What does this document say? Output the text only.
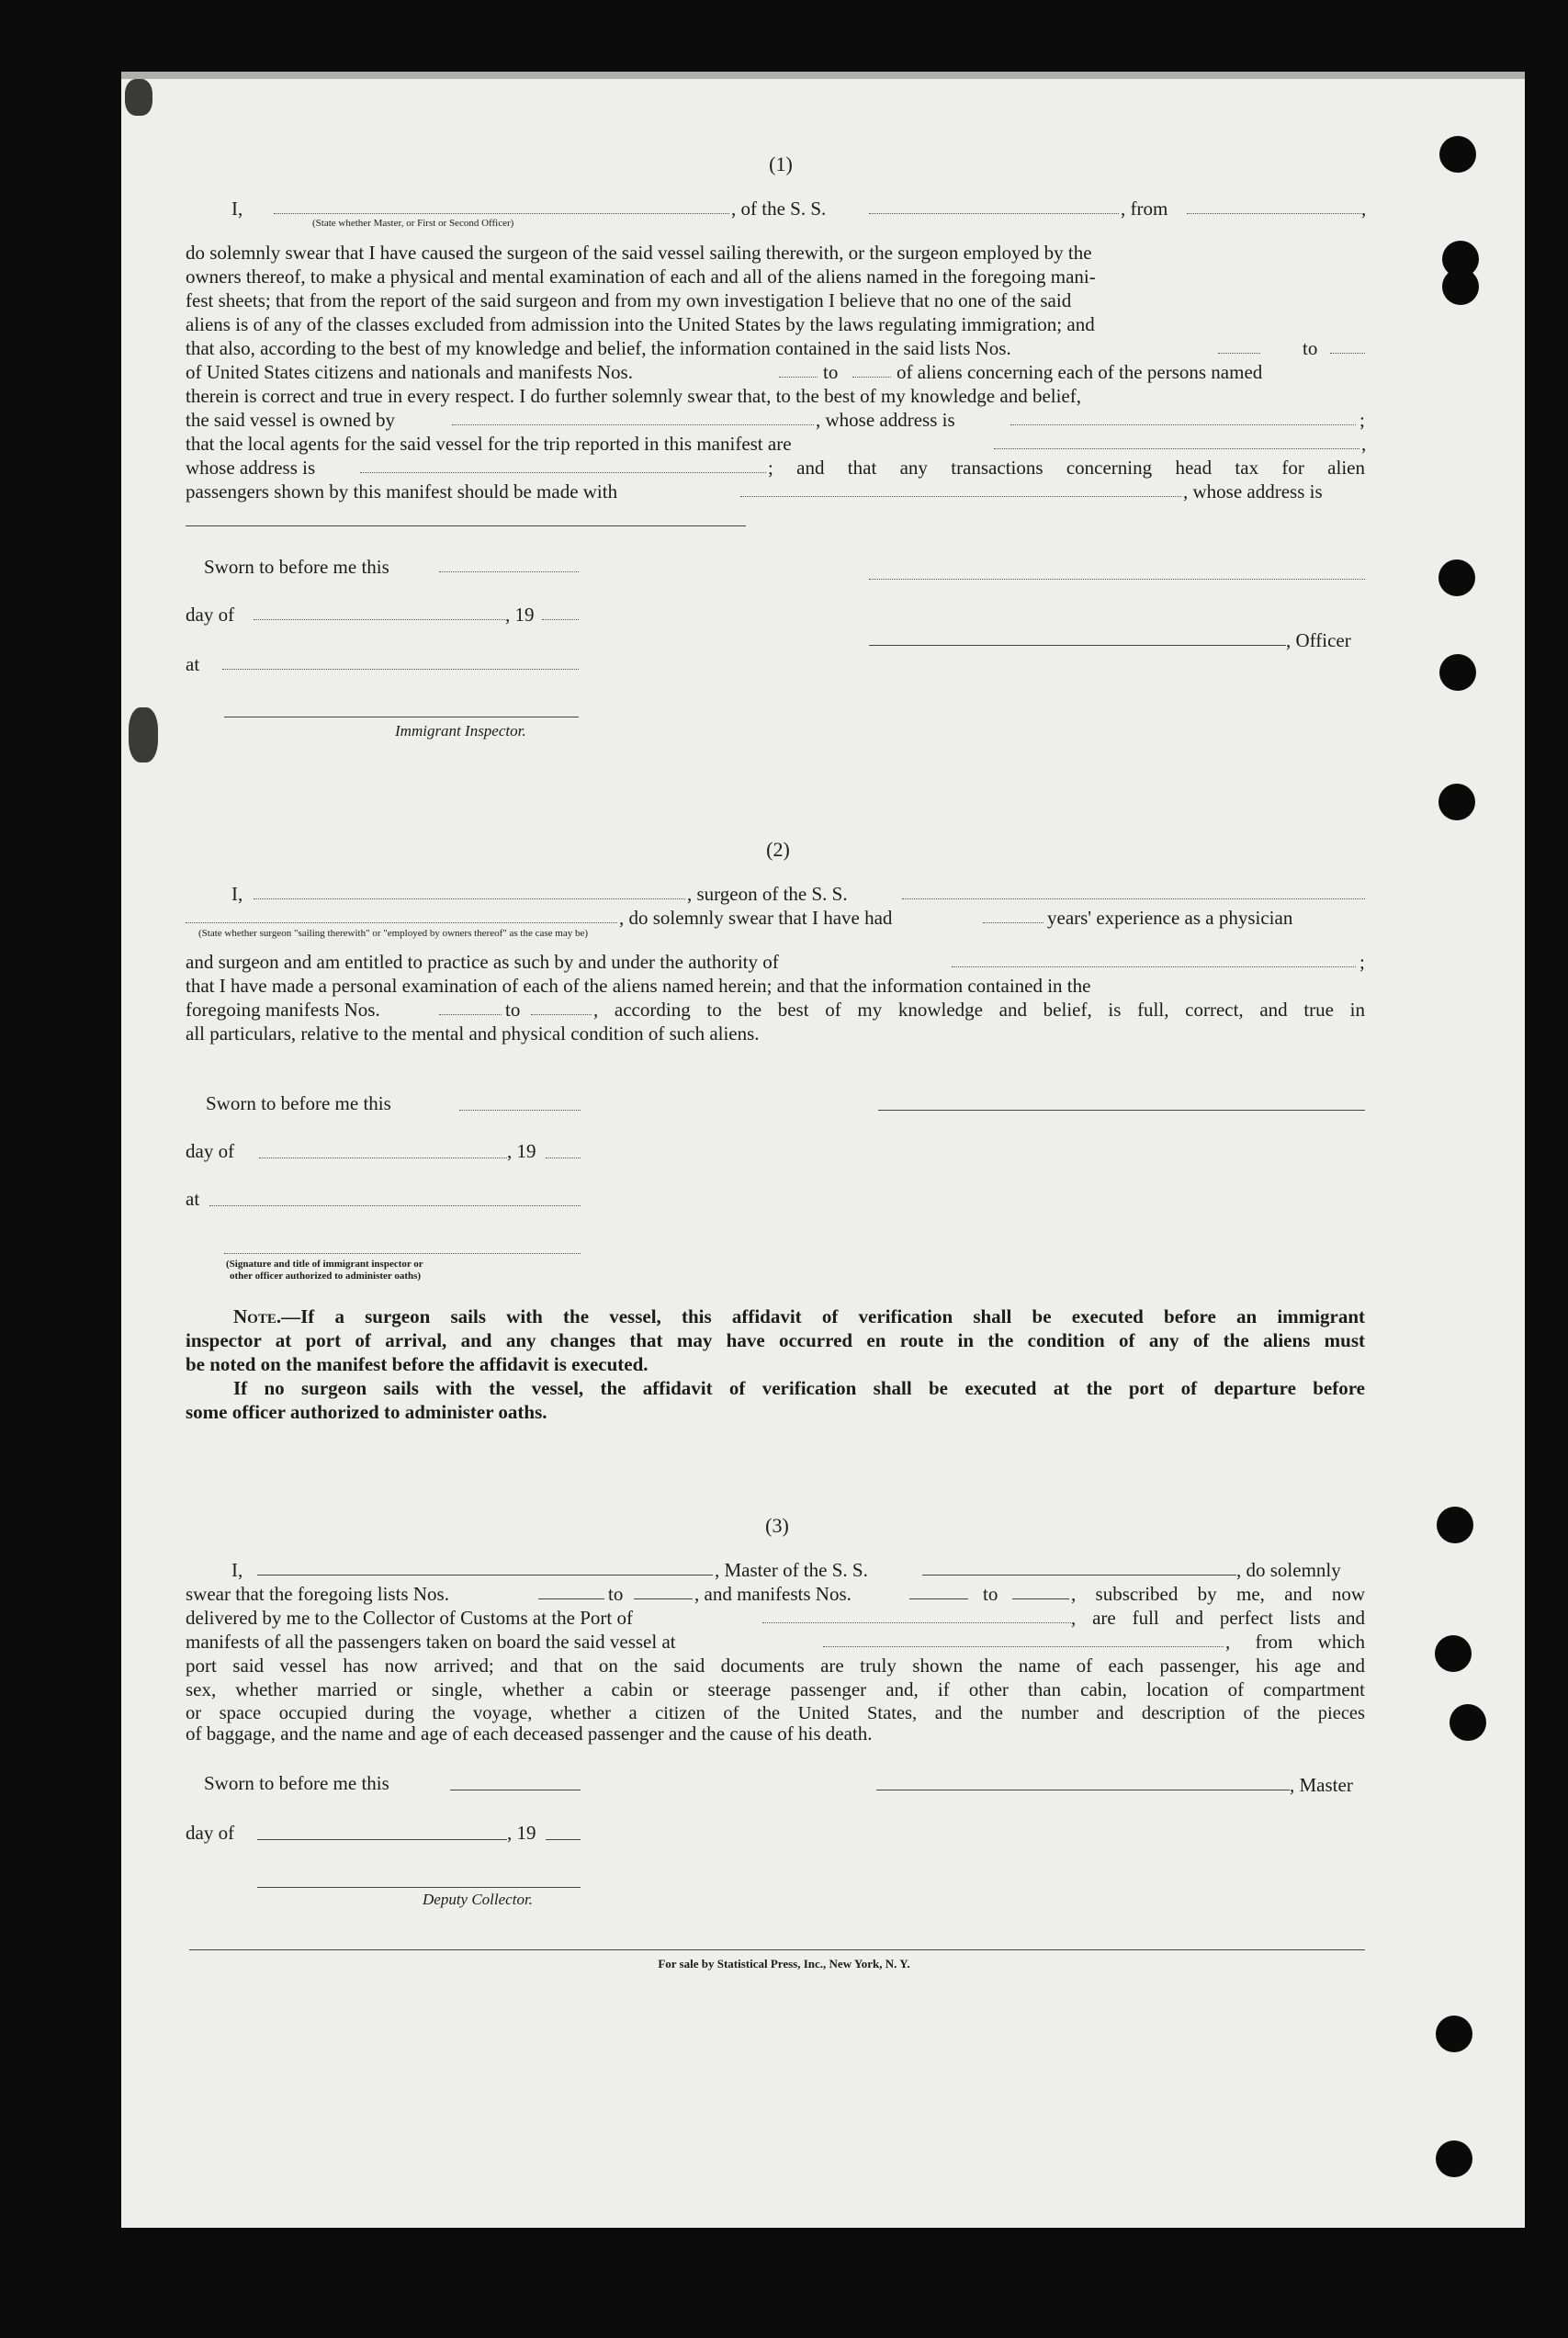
(1)
I,	, of the S. S.	, from	,
(State whether Master, or First or Second Officer)
do solemnly swear that I have caused the surgeon of the said vessel sailing therewith, or the surgeon employed by the
owners thereof, to make a physical and mental examination of each and all of the aliens named in the foregoing mani-
fest sheets; that from the report of the said surgeon and from my own investigation I believe that no one of the said
aliens is of any of the classes excluded from admission into the United States by the laws regulating immigration; and
that also, according to the best of my knowledge and belief, the information contained in the said lists Nos.	to
of United States citizens and nationals and manifests Nos.	to	of aliens concerning each of the persons named
therein is correct and true in every respect. I do further solemnly swear that, to the best of my knowledge and belief,
the said vessel is owned by	, whose address is	;
that the local agents for the said vessel for the trip reported in this manifest are	,
whose address is	; and that any transactions concerning head tax for alien
passengers shown by this manifest should be made with	, whose address is
Sworn to before me this
day of	, 19
at
Immigrant Inspector.
, Officer
(2)
I,	, surgeon of the S. S.
, do solemnly swear that I have had	years' experience as a physician
(State whether surgeon "sailing therewith" or "employed by owners thereof" as the case may be)
and surgeon and am entitled to practice as such by and under the authority of	;
that I have made a personal examination of each of the aliens named herein; and that the information contained in the
foregoing manifests Nos.	to	, according to the best of my knowledge and belief, is full, correct, and true in
all particulars, relative to the mental and physical condition of such aliens.
Sworn to before me this
day of	, 19
at
(Signature and title of immigrant inspector or
other officer authorized to administer oaths)
Note.—If a surgeon sails with the vessel, this affidavit of verification shall be executed before an immigrant
inspector at port of arrival, and any changes that may have occurred en route in the condition of any of the aliens must
be noted on the manifest before the affidavit is executed.
If no surgeon sails with the vessel, the affidavit of verification shall be executed at the port of departure before
some officer authorized to administer oaths.
(3)
I,	, Master of the S. S.	, do solemnly
swear that the foregoing lists Nos.	to	, and manifests Nos.	to	, subscribed by me, and now
delivered by me to the Collector of Customs at the Port of	, are full and perfect lists and
manifests of all the passengers taken on board the said vessel at	, from which
port said vessel has now arrived; and that on the said documents are truly shown the name of each passenger, his age and
sex, whether married or single, whether a cabin or steerage passenger and, if other than cabin, location of compartment
or space occupied during the voyage, whether a citizen of the United States, and the number and description of the pieces
of baggage, and the name and age of each deceased passenger and the cause of his death.
Sworn to before me this	, Master
day of	, 19
Deputy Collector.
For sale by Statistical Press, Inc., New York, N. Y.
